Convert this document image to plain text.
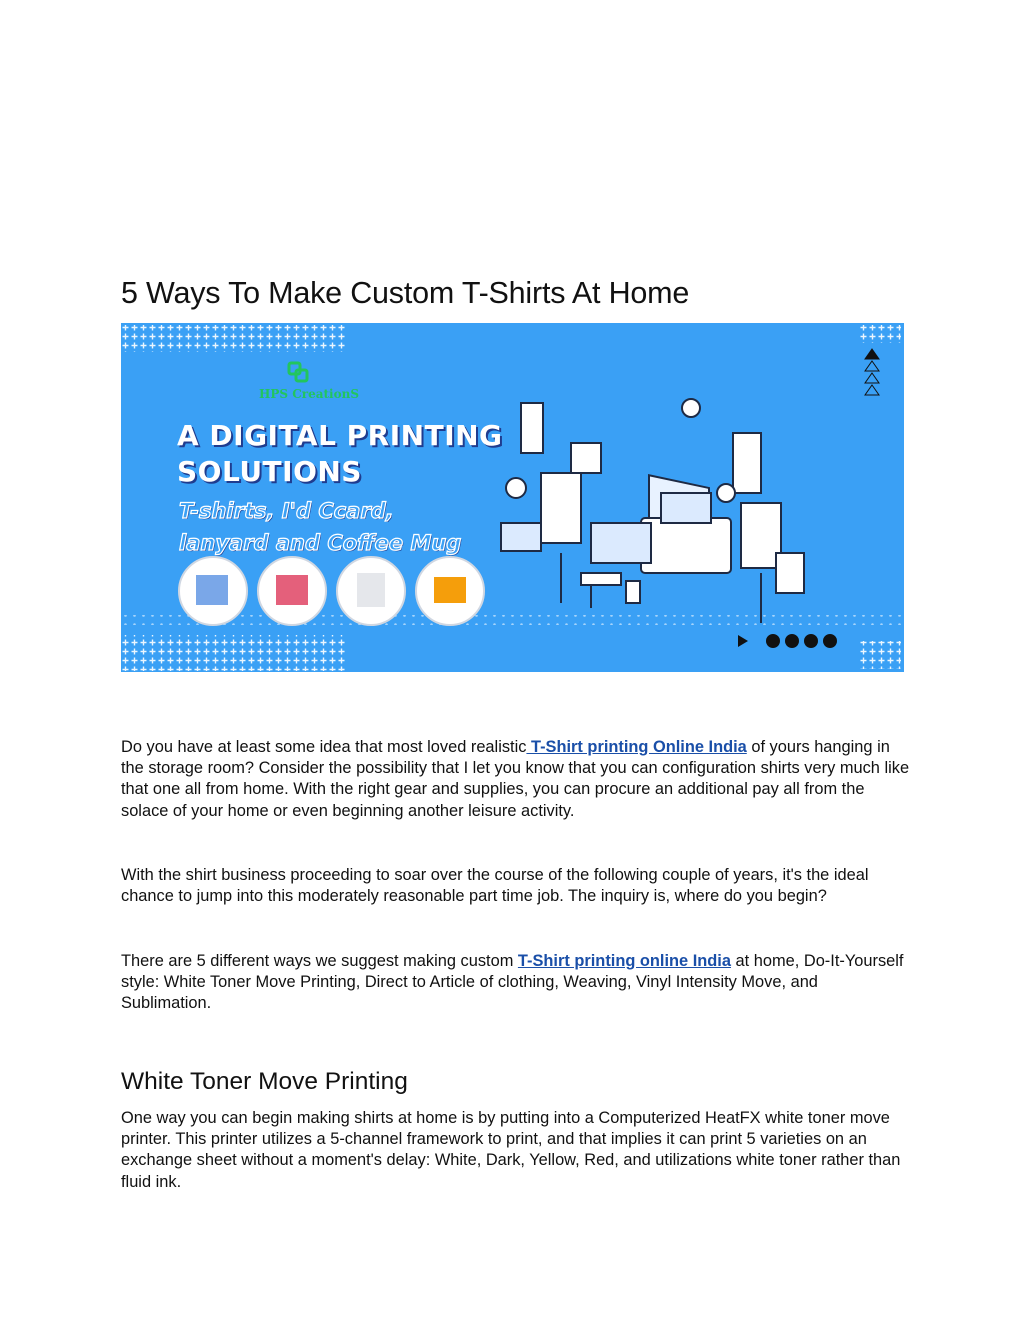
5 Ways To Make Custom T-Shirts At Home
HPS CreationS
A DIGITAL PRINTING
SOLUTIONS
T-shirts, I'd Ccard,
lanyard and Coffee Mug

Do you have at least some idea that most loved realistic T-Shirt printing Online India of yours hanging in the storage room? Consider the possibility that I let you know that you can configuration shirts very much like that one all from home. With the right gear and supplies, you can procure an additional pay all from the solace of your home or even beginning another leisure activity.

With the shirt business proceeding to soar over the course of the following couple of years, it's the ideal chance to jump into this moderately reasonable part time job. The inquiry is, where do you begin?

There are 5 different ways we suggest making custom T-Shirt printing online India at home, Do-It-Yourself style: White Toner Move Printing, Direct to Article of clothing, Weaving, Vinyl Intensity Move, and Sublimation.

White Toner Move Printing

One way you can begin making shirts at home is by putting into a Computerized HeatFX white toner move printer. This printer utilizes a 5-channel framework to print, and that implies it can print 5 varieties on an exchange sheet without a moment's delay: White, Dark, Yellow, Red, and utilizations white toner rather than fluid ink.
